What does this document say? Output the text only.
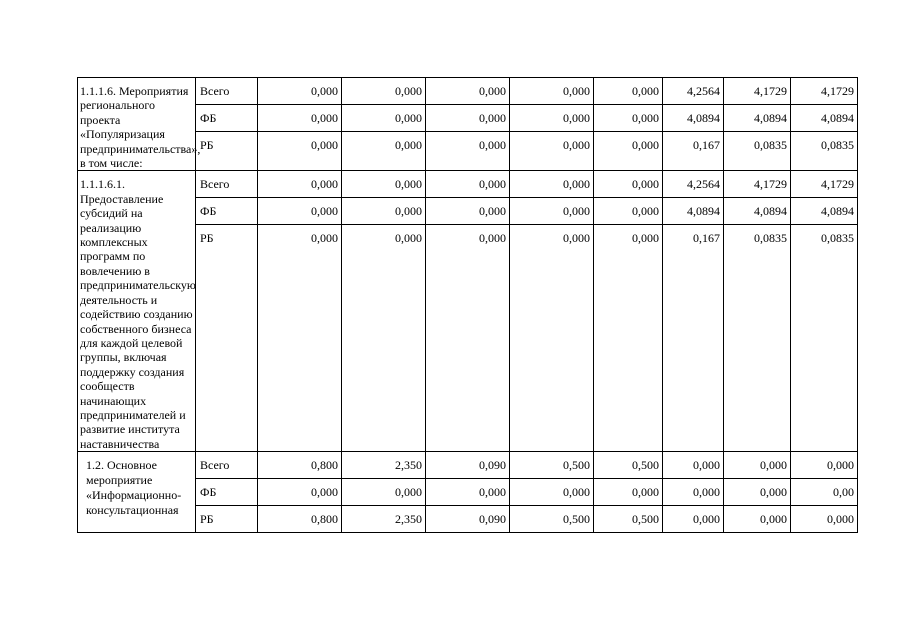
1.1.1.6. Мероприятия регионального проекта «Популяризация предпринимательства», в том числе:	Всего	0,000	0,000	0,000	0,000	0,000	4,2564	4,1729	4,1729
	ФБ	0,000	0,000	0,000	0,000	0,000	4,0894	4,0894	4,0894
	РБ	0,000	0,000	0,000	0,000	0,000	0,167	0,0835	0,0835
1.1.1.6.1. Предоставление субсидий на реализацию комплексных программ по вовлечению в предпринимательскую деятельность и содействию созданию собственного бизнеса для каждой целевой группы, включая поддержку создания сообществ начинающих предпринимателей и развитие института наставничества	Всего	0,000	0,000	0,000	0,000	0,000	4,2564	4,1729	4,1729
	ФБ	0,000	0,000	0,000	0,000	0,000	4,0894	4,0894	4,0894
	РБ	0,000	0,000	0,000	0,000	0,000	0,167	0,0835	0,0835
1.2. Основное мероприятие «Информационно-консультационная	Всего	0,800	2,350	0,090	0,500	0,500	0,000	0,000	0,000
	ФБ	0,000	0,000	0,000	0,000	0,000	0,000	0,000	0,00
	РБ	0,800	2,350	0,090	0,500	0,500	0,000	0,000	0,000
